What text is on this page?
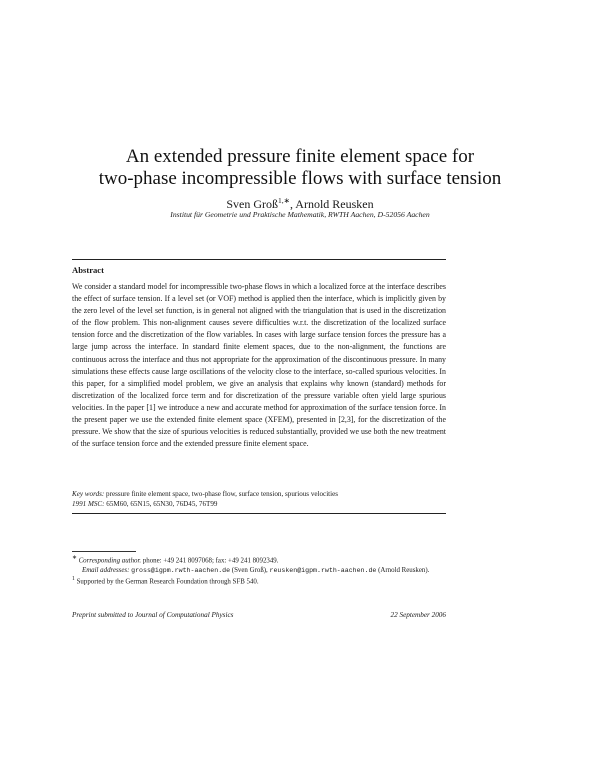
An extended pressure finite element space for
two-phase incompressible flows with surface tension
Sven Groß$^{1,∗}$, Arnold Reusken
Institut für Geometrie und Praktische Mathematik, RWTH Aachen, D-52056 Aachen
Abstract
We consider a standard model for incompressible two-phase flows in which a localized force at the interface describes the effect of surface tension. If a level set (or VOF) method is applied then the interface, which is implicitly given by the zero level of the level set function, is in general not aligned with the triangulation that is used in the discretization of the flow problem. This non-alignment causes severe difficulties w.r.t. the discretization of the localized surface tension force and the discretization of the flow variables. In cases with large surface tension forces the pressure has a large jump across the interface. In standard finite element spaces, due to the non-alignment, the functions are continuous across the interface and thus not appropriate for the approximation of the discontinuous pressure. In many simulations these effects cause large oscillations of the velocity close to the interface, so-called spurious velocities. In this paper, for a simplified model problem, we give an analysis that explains why known (standard) methods for discretization of the localized force term and for discretization of the pressure variable often yield large spurious velocities. In the paper [1] we introduce a new and accurate method for approximation of the surface tension force. In the present paper we use the extended finite element space (XFEM), presented in [2,3], for the discretization of the pressure. We show that the size of spurious velocities is reduced substantially, provided we use both the new treatment of the surface tension force and the extended pressure finite element space.
Key words: pressure finite element space, two-phase flow, surface tension, spurious velocities
1991 MSC: 65M60, 65N15, 65N30, 76D45, 76T99
∗ Corresponding author. phone: +49 241 8097068; fax: +49 241 8092349.
Email addresses: gross@igpm.rwth-aachen.de (Sven Groß), reusken@igpm.rwth-aachen.de (Arnold Reusken).
$^1$ Supported by the German Research Foundation through SFB 540.
Preprint submitted to Journal of Computational Physics	22 September 2006
